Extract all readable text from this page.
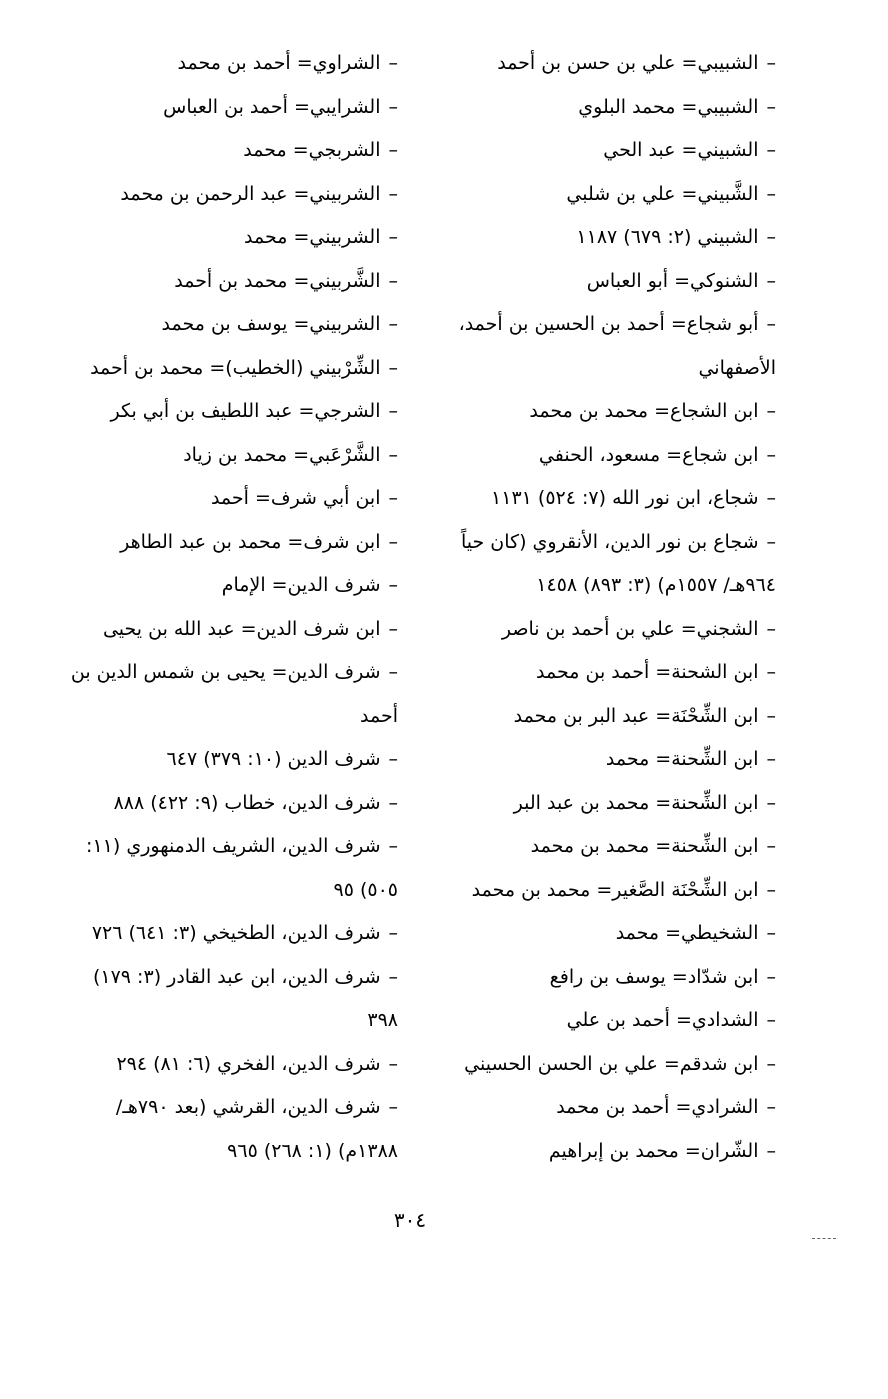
–الشبيبي= علي بن حسن بن أحمد

–الشبيبي= محمد البلوي

–الشبيني= عبد الحي

–الشَّبيني= علي بن شلبي

–الشبيني (٢: ٦٧٩) ١١٨٧

–الشنوكي= أبو العباس

–أبو شجاع= أحمد بن الحسين بن أحمد، الأصفهاني

–ابن الشجاع= محمد بن محمد

–ابن شجاع= مسعود، الحنفي

–شجاع، ابن نور الله (٧: ٥٢٤) ١١٣١

–شجاع بن نور الدين، الأنقروي (كان حياً ٩٦٤هـ/ ١٥٥٧م) (٣: ٨٩٣) ١٤٥٨

–الشجني= علي بن أحمد بن ناصر

–ابن الشحنة= أحمد بن محمد

–ابن الشِّحْنَة= عبد البر بن محمد

–ابن الشِّحنة= محمد

–ابن الشِّحنة= محمد بن عبد البر

–ابن الشِّحنة= محمد بن محمد

–ابن الشِّحْنَة الصَّغير= محمد بن محمد

–الشخيطي= محمد

–ابن شدّاد= يوسف بن رافع

–الشدادي= أحمد بن علي

–ابن شدقم= علي بن الحسن الحسيني

–الشرادي= أحمد بن محمد

–الشّران= محمد بن إبراهيم

–الشراوي= أحمد بن محمد

–الشرايبي= أحمد بن العباس

–الشربجي= محمد

–الشربيني= عبد الرحمن بن محمد

–الشربيني= محمد

–الشَّربيني= محمد بن أحمد

–الشربيني= يوسف بن محمد

–الشِّرْبيني (الخطيب)= محمد بن أحمد

–الشرجي= عبد اللطيف بن أبي بكر

–الشَّرْعَبي= محمد بن زياد

–ابن أبي شرف= أحمد

–ابن شرف= محمد بن عبد الطاهر

–شرف الدين= الإمام

–ابن شرف الدين= عبد الله بن يحيى

–شرف الدين= يحيى بن شمس الدين بن أحمد

–شرف الدين (١٠: ٣٧٩) ٦٤٧

–شرف الدين، خطاب (٩: ٤٢٢) ٨٨٨

–شرف الدين، الشريف الدمنهوري (١١: ٥٠٥) ٩٥

–شرف الدين، الطخيخي (٣: ٦٤١) ٧٢٦

–شرف الدين، ابن عبد القادر (٣: ١٧٩) ٣٩٨

–شرف الدين، الفخري (٦: ٨١) ٢٩٤

–شرف الدين، القرشي (بعد ٧٩٠هـ/ ١٣٨٨م) (١: ٢٦٨) ٩٦٥

٣٠٤
